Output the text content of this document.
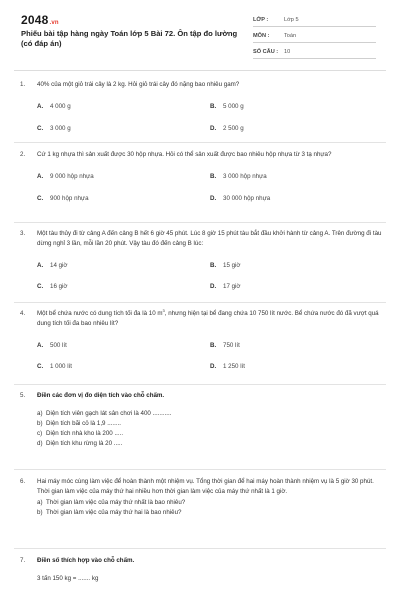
2048.vn
Phiếu bài tập hàng ngày Toán lớp 5 Bài 72. Ôn tập đo lường (có đáp án)
LỚP :	Lớp 5
MÔN :	Toán
SỐ CÂU :	10
1.	40% của một giỏ trái cây là 2 kg. Hỏi giỏ trái cây đó nặng bao nhiêu gam?
A.	4 000 g	B.	5 000 g
C.	3 000 g	D.	2 500 g
2.	Cứ 1 kg nhựa thì sản xuất được 30 hộp nhựa. Hỏi có thể sản xuất được bao nhiêu hộp nhựa từ 3 tạ nhựa?
A.	9 000 hộp nhựa	B.	3 000 hộp nhựa
C.	900 hộp nhựa	D.	30 000 hộp nhựa
3.	Một tàu thủy đi từ cảng A đến cảng B hết 6 giờ 45 phút. Lúc 8 giờ 15 phút tàu bắt đầu khởi hành từ cảng A. Trên đường đi tàu dừng nghỉ 3 lần, mỗi lần 20 phút. Vậy tàu đó đến cảng B lúc:
A.	14 giờ	B.	15 giờ
C.	16 giờ	D.	17 giờ
4.	Một bể chứa nước có dung tích tối đa là 10 $m^3$, nhưng hiện tại bể đang chứa 10 750 lít nước. Bể chứa nước đó đã vượt quá dung tích tối đa bao nhiêu lít?
A.	500 lít	B.	750 lít
C.	1 000 lít	D.	1 250 lít
5.	Điền các đơn vị đo diện tích vào chỗ chấm.
a) Diện tích viên gạch lát sân chơi là 400 ...........
b) Diện tích bãi cỏ là 1,9 ........
c) Diện tích nhà kho là 200 .....
d) Diện tích khu rừng là 20 .....
6.	Hai máy móc cùng làm việc để hoàn thành một nhiệm vụ. Tổng thời gian để hai máy hoàn thành nhiệm vụ là 5 giờ 30 phút. Thời gian làm việc của máy thứ hai nhiều hơn thời gian làm việc của máy thứ nhất là 1 giờ.
a) Thời gian làm việc của máy thứ nhất là bao nhiêu?
b) Thời gian làm việc của máy thứ hai là bao nhiêu?
7.	Điền số thích hợp vào chỗ chấm.
3 tấn 150 kg = ....... kg
